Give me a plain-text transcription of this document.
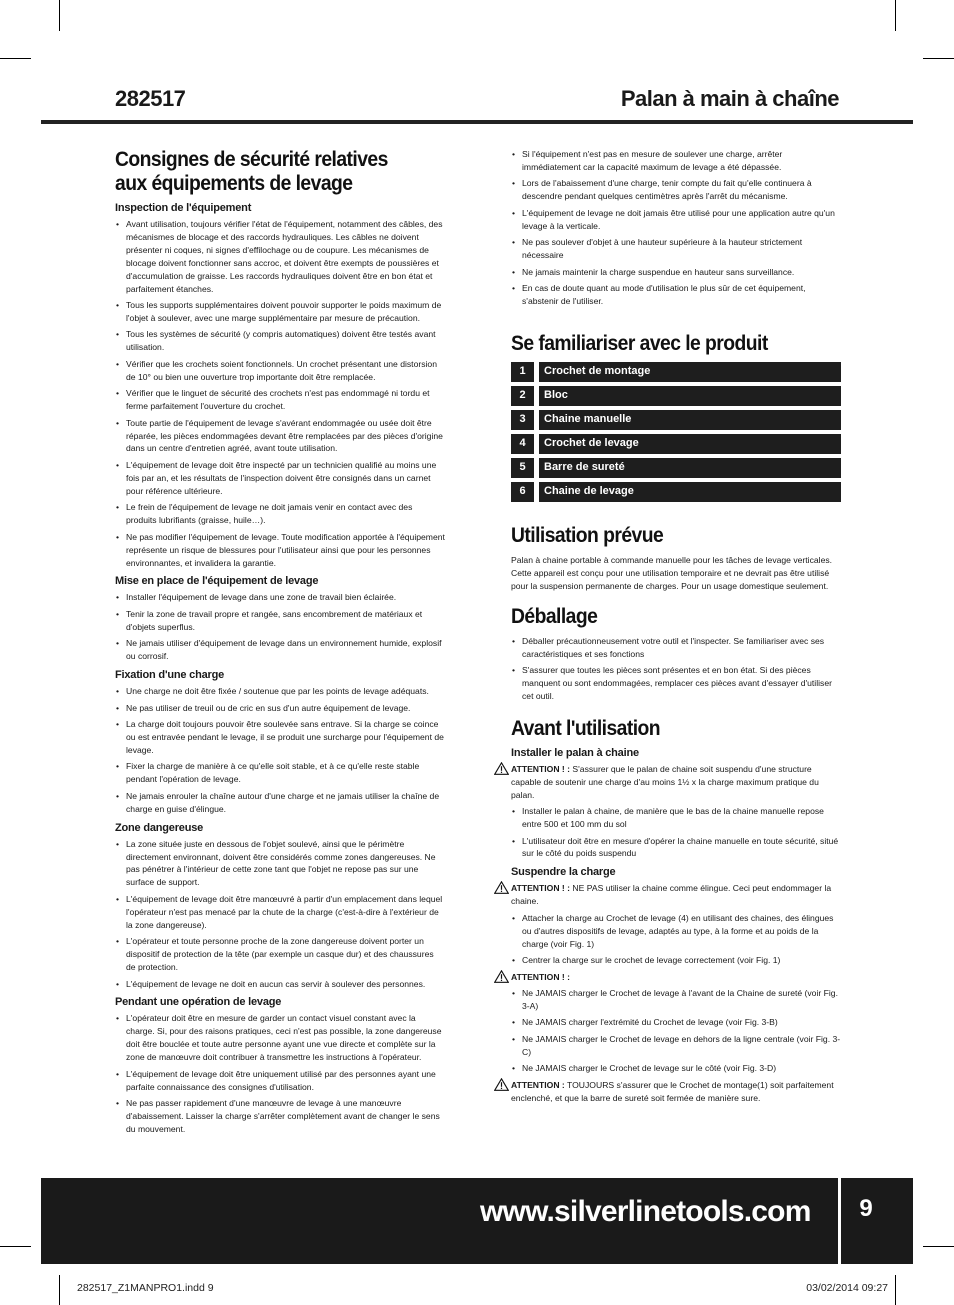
282517	Palan à main à chaîne
Consignes de sécurité relatives aux équipements de levage
Inspection de l'équipement
• Avant utilisation, toujours vérifier l'état de l'équipement, notamment des câbles, des mécanismes de blocage et des raccords hydrauliques. Les câbles ne doivent présenter ni coques, ni signes d'effilochage ou de coupure. Les mécanismes de blocage doivent fonctionner sans accroc, et doivent être exempts de poussières et d'accumulation de graisse. Les raccords hydrauliques doivent être en bon état et parfaitement étanches.
• Tous les supports supplémentaires doivent pouvoir supporter le poids maximum de l'objet à soulever, avec une marge supplémentaire par mesure de précaution.
• Tous les systèmes de sécurité (y compris automatiques) doivent être testés avant utilisation.
• Vérifier que les crochets soient fonctionnels. Un crochet présentant une distorsion de 10° ou bien une ouverture trop importante doit être remplacée.
• Vérifier que le linguet de sécurité des crochets n'est pas endommagé ni tordu et ferme parfaitement l'ouverture du crochet.
• Toute partie de l'équipement de levage s'avérant endommagée ou usée doit être réparée, les pièces endommagées devant être remplacées par des pièces d'origine dans un centre d'entretien agréé, avant toute utilisation.
• L'équipement de levage doit être inspecté par un technicien qualifié au moins une fois par an, et les résultats de l'inspection doivent être consignés dans un carnet pour référence ultérieure.
• Le frein de l'équipement de levage ne doit jamais venir en contact avec des produits lubrifiants (graisse, huile…).
• Ne pas modifier l'équipement de levage. Toute modification apportée à l'équipement représente un risque de blessures pour l'utilisateur ainsi que pour les personnes environnantes, et invalidera la garantie.
Mise en place de l'équipement de levage
• Installer l'équipement de levage dans une zone de travail bien éclairée.
• Tenir la zone de travail propre et rangée, sans encombrement de matériaux et d'objets superflus.
• Ne jamais utiliser d'équipement de levage dans un environnement humide, explosif ou corrosif.
Fixation d'une charge
• Une charge ne doit être fixée / soutenue que par les points de levage adéquats.
• Ne pas utiliser de treuil ou de cric en sus d'un autre équipement de levage.
• La charge doit toujours pouvoir être soulevée sans entrave. Si la charge se coince ou est entravée pendant le levage, il se produit une surcharge pour l'équipement de levage.
• Fixer la charge de manière à ce qu'elle soit stable, et à ce qu'elle reste stable pendant l'opération de levage.
• Ne jamais enrouler la chaîne autour d'une charge et ne jamais utiliser la chaîne de charge en guise d'élingue.
Zone dangereuse
• La zone située juste en dessous de l'objet soulevé, ainsi que le périmètre directement environnant, doivent être considérés comme zones dangereuses. Ne pas pénétrer à l'intérieur de cette zone tant que l'objet ne repose pas sur une surface de support.
• L'équipement de levage doit être manœuvré à partir d'un emplacement dans lequel l'opérateur n'est pas menacé par la chute de la charge (c'est-à-dire à l'extérieur de la zone dangereuse).
• L'opérateur et toute personne proche de la zone dangereuse doivent porter un dispositif de protection de la tête (par exemple un casque dur) et des chaussures de protection.
• L'équipement de levage ne doit en aucun cas servir à soulever des personnes.
Pendant une opération de levage
• L'opérateur doit être en mesure de garder un contact visuel constant avec la charge. Si, pour des raisons pratiques, ceci n'est pas possible, la zone dangereuse doit être bouclée et toute autre personne ayant une vue directe et complète sur la zone de manœuvre doit contribuer à transmettre les instructions à l'opérateur.
• L'équipement de levage doit être uniquement utilisé par des personnes ayant une parfaite connaissance des consignes d'utilisation.
• Ne pas passer rapidement d'une manœuvre de levage à une manœuvre d'abaissement. Laisser la charge s'arrêter complètement avant de changer le sens du mouvement.
• Si l'équipement n'est pas en mesure de soulever une charge, arrêter immédiatement car la capacité maximum de levage a été dépassée.
• Lors de l'abaissement d'une charge, tenir compte du fait qu'elle continuera à descendre pendant quelques centimètres après l'arrêt du mécanisme.
• L'équipement de levage ne doit jamais être utilisé pour une application autre qu'un levage à la verticale.
• Ne pas soulever d'objet à une hauteur supérieure à la hauteur strictement nécessaire
• Ne jamais maintenir la charge suspendue en hauteur sans surveillance.
• En cas de doute quant au mode d'utilisation le plus sûr de cet équipement, s'abstenir de l'utiliser.
Se familiariser avec le produit
1	Crochet de montage
2	Bloc
3	Chaine manuelle
4	Crochet de levage
5	Barre de sureté
6	Chaine de levage
Utilisation prévue

Palan à chaine portable à commande manuelle pour les tâches de levage verticales. Cette appareil est conçu pour une utilisation temporaire et ne devrait pas être utilisé pour la suspension permanente de charges. Pour un usage domestique seulement.

Déballage
• Déballer précautionneusement votre outil et l'inspecter. Se familiariser avec ses caractéristiques et ses fonctions
• S'assurer que toutes les pièces sont présentes et en bon état. Si des pièces manquent ou sont endommagées, remplacer ces pièces avant d'essayer d'utiliser cet outil.
Avant l'utilisation
Installer le palan à chaine
ATTENTION ! : S'assurer que le palan de chaine soit suspendu d'une structure capable de soutenir une charge d'au moins 1½ x la charge maximum pratique du palan.
• Installer le palan à chaine, de manière que le bas de la chaine manuelle repose entre 500 et 100 mm du sol
• L'utilisateur doit être en mesure d'opérer la chaine manuelle en toute sécurité, situé sur le côté du poids suspendu
Suspendre la charge
ATTENTION ! : NE PAS utiliser la chaine comme élingue. Ceci peut endommager la chaine.
• Attacher la charge au Crochet de levage (4) en utilisant des chaines, des élingues ou d'autres dispositifs de levage, adaptés au type, à la forme et au poids de la charge (voir Fig. 1)
• Centrer la charge sur le crochet de levage correctement (voir Fig. 1)
ATTENTION ! :
• Ne JAMAIS charger le Crochet de levage à l'avant de la Chaine de sureté (voir Fig. 3-A)
• Ne JAMAIS charger l'extrémité du Crochet de levage (voir Fig. 3-B)
• Ne JAMAIS charger le Crochet de levage en dehors de la ligne centrale (voir Fig. 3-C)
• Ne JAMAIS charger le Crochet de levage sur le côté (voir Fig. 3-D)
ATTENTION : TOUJOURS s'assurer que le Crochet de montage(1) soit parfaitement enclenché, et que la barre de sureté soit fermée de manière sure.
www.silverlinetools.com	9
282517_Z1MANPRO1.indd 9	03/02/2014 09:27
